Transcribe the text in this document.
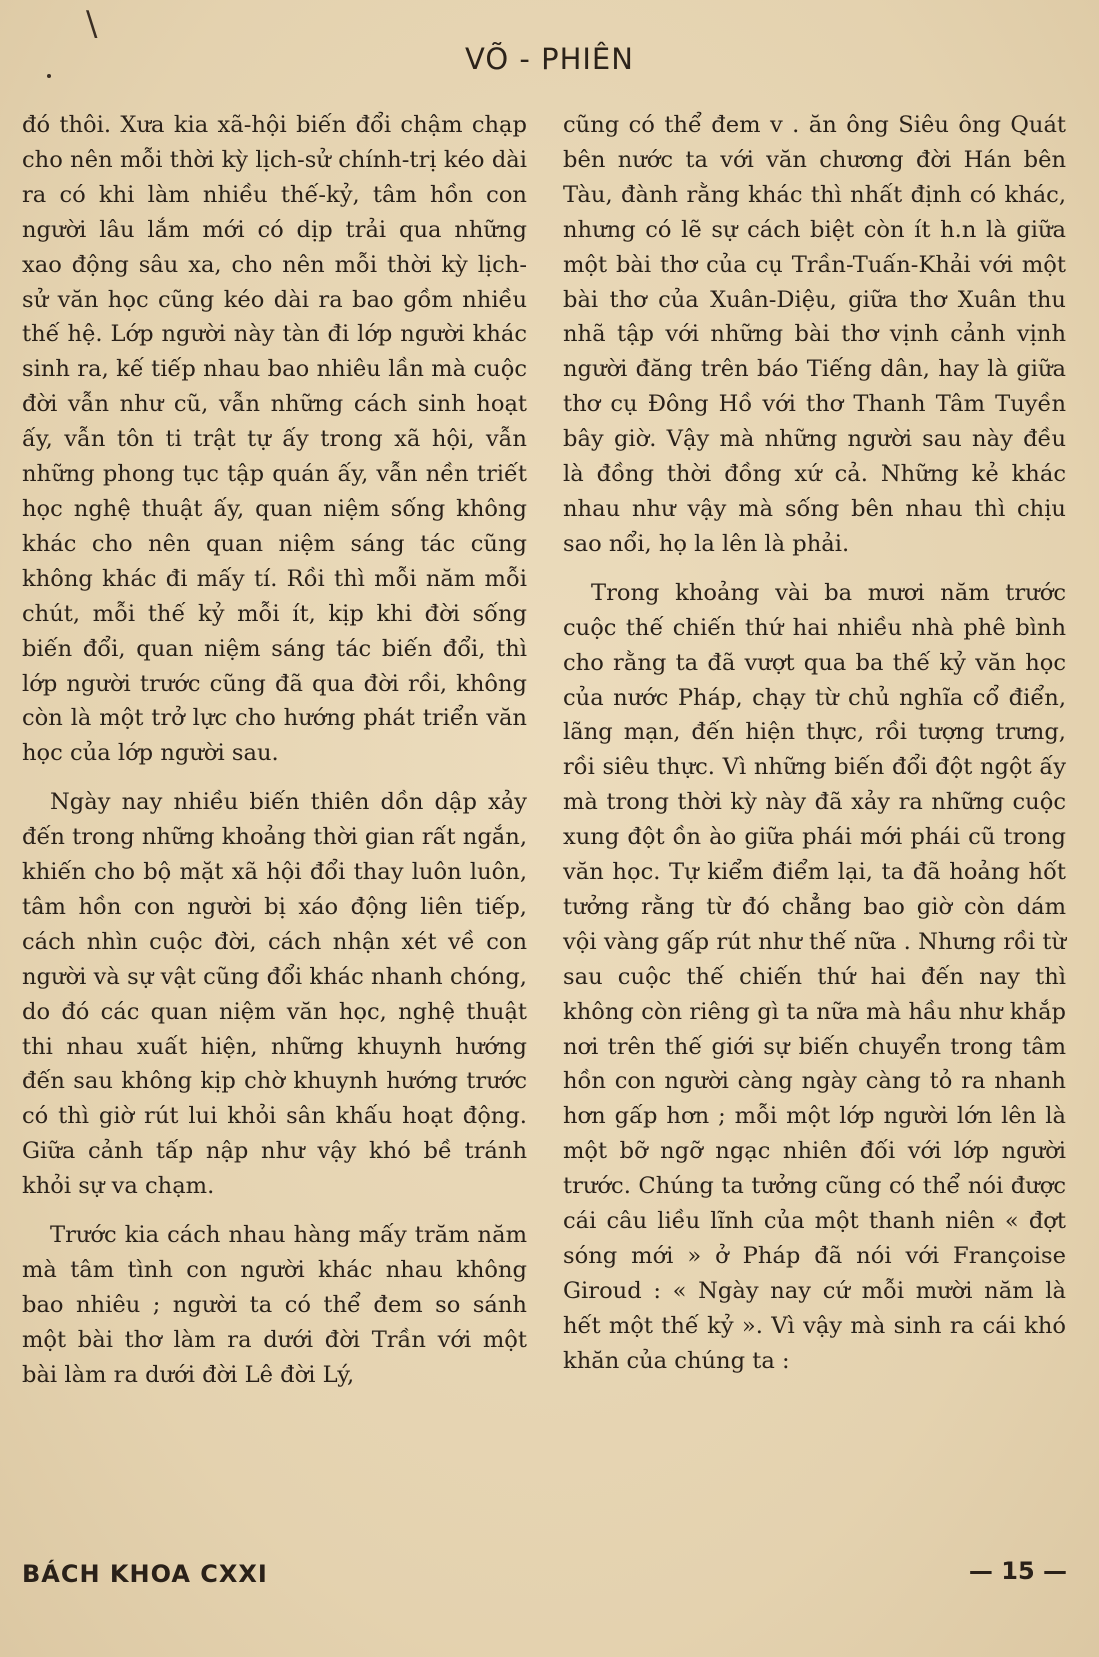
\
VÕ - PHIÊN

đó thôi. Xưa kia xã-hội biến đổi chậm chạp cho nên mỗi thời kỳ lịch-sử chính-trị kéo dài ra có khi làm nhiều thế-kỷ, tâm hồn con người lâu lắm mới có dịp trải qua những xao động sâu xa, cho nên mỗi thời kỳ lịch-sử văn học cũng kéo dài ra bao gồm nhiều thế hệ. Lớp người này tàn đi lớp người khác sinh ra, kế tiếp nhau bao nhiêu lần mà cuộc đời vẫn như cũ, vẫn những cách sinh hoạt ấy, vẫn tôn ti trật tự ấy trong xã hội, vẫn những phong tục tập quán ấy, vẫn nền triết học nghệ thuật ấy, quan niệm sống không khác cho nên quan niệm sáng tác cũng không khác đi mấy tí. Rồi thì mỗi năm mỗi chút, mỗi thế kỷ mỗi ít, kịp khi đời sống biến đổi, quan niệm sáng tác biến đổi, thì lớp người trước cũng đã qua đời rồi, không còn là một trở lực cho hướng phát triển văn học của lớp người sau.

Ngày nay nhiều biến thiên dồn dập xảy đến trong những khoảng thời gian rất ngắn, khiến cho bộ mặt xã hội đổi thay luôn luôn, tâm hồn con người bị xáo động liên tiếp, cách nhìn cuộc đời, cách nhận xét về con người và sự vật cũng đổi khác nhanh chóng, do đó các quan niệm văn học, nghệ thuật thi nhau xuất hiện, những khuynh hướng đến sau không kịp chờ khuynh hướng trước có thì giờ rút lui khỏi sân khấu hoạt động. Giữa cảnh tấp nập như vậy khó bề tránh khỏi sự va chạm.

Trước kia cách nhau hàng mấy trăm năm mà tâm tình con người khác nhau không bao nhiêu ; người ta có thể đem so sánh một bài thơ làm ra dưới đời Trần với một bài làm ra dưới đời Lê đời Lý,

cũng có thể đem v . ăn ông Siêu ông Quát bên nước ta với văn chương đời Hán bên Tàu, đành rằng khác thì nhất định có khác, nhưng có lẽ sự cách biệt còn ít h.n là giữa một bài thơ của cụ Trần-Tuấn-Khải với một bài thơ của Xuân-Diệu, giữa thơ Xuân thu nhã tập với những bài thơ vịnh cảnh vịnh người đăng trên báo Tiếng dân, hay là giữa thơ cụ Đông Hồ với thơ Thanh Tâm Tuyền bây giờ. Vậy mà những người sau này đều là đồng thời đồng xứ cả. Những kẻ khác nhau như vậy mà sống bên nhau thì chịu sao nổi, họ la lên là phải.

Trong khoảng vài ba mươi năm trước cuộc thế chiến thứ hai nhiều nhà phê bình cho rằng ta đã vượt qua ba thế kỷ văn học của nước Pháp, chạy từ chủ nghĩa cổ điển, lãng mạn, đến hiện thực, rồi tượng trưng, rồi siêu thực. Vì những biến đổi đột ngột ấy mà trong thời kỳ này đã xảy ra những cuộc xung đột ồn ào giữa phái mới phái cũ trong văn học. Tự kiểm điểm lại, ta đã hoảng hốt tưởng rằng từ đó chẳng bao giờ còn dám vội vàng gấp rút như thế nữa . Nhưng rồi từ sau cuộc thế chiến thứ hai đến nay thì không còn riêng gì ta nữa mà hầu như khắp nơi trên thế giới sự biến chuyển trong tâm hồn con người càng ngày càng tỏ ra nhanh hơn gấp hơn ; mỗi một lớp người lớn lên là một bỡ ngỡ ngạc nhiên đối với lớp người trước. Chúng ta tưởng cũng có thể nói được cái câu liều lĩnh của một thanh niên « đợt sóng mới » ở Pháp đã nói với Françoise Giroud : « Ngày nay cứ mỗi mười năm là hết một thế kỷ ». Vì vậy mà sinh ra cái khó khăn của chúng ta :

BÁCH KHOA CXXI	— 15 —
